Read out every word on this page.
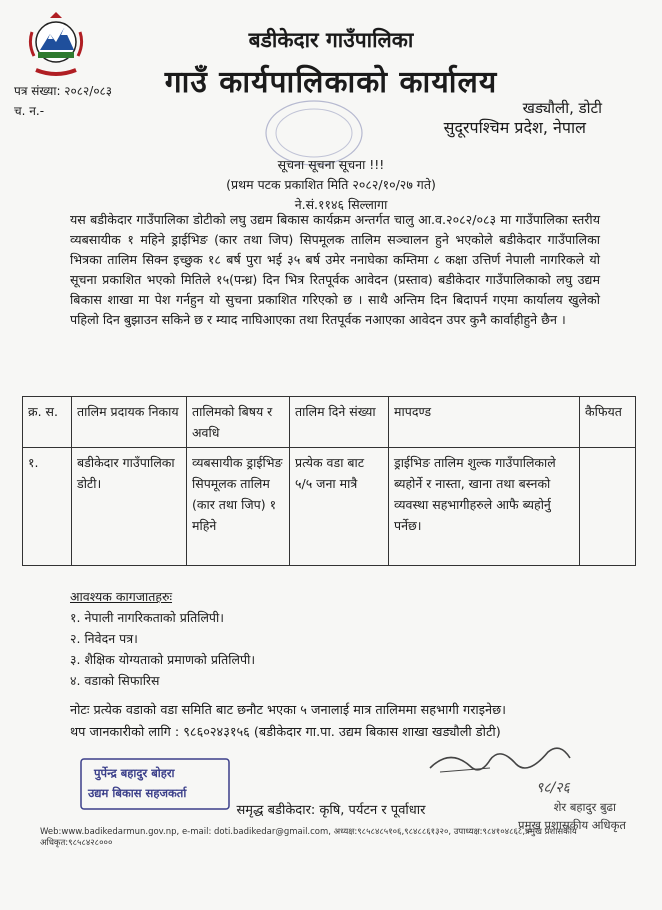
बडीकेदार गाउँपालिका
गाउँ कार्यपालिकाको कार्यालय
पत्र संख्या: २०८२/०८३
च. न.-	खड्यौली, डोटी
सुदूरपश्चिम प्रदेश, नेपाल
सूचना सूचना सूचना !!!
(प्रथम पटक प्रकाशित मिति २०८२/१०/२७ गते)
ने.सं.११४६ सिल्लागा
यस बडीकेदार गाउँपालिका डोटीको लघु उद्यम बिकास कार्यक्रम अन्तर्गत चालु आ.व.२०८२/०८३ मा गाउँपालिका स्तरीय व्यबसायीक १ महिने ड्राईभिङ (कार तथा जिप) सिपमूलक तालिम सञ्चालन हुने भएकोले बडीकेदार गाउँपालिका भित्रका तालिम सिक्न इच्छुक १८ बर्ष पुरा भई ३५ बर्ष उमेर ननाघेका कम्तिमा ८ कक्षा उत्तिर्ण नेपाली नागरिकले यो सूचना प्रकाशित भएको मितिले १५(पन्ध्र) दिन भित्र रितपूर्वक आवेदन (प्रस्ताव) बडीकेदार गाउँपालिकाको लघु उद्यम बिकास शाखा मा पेश गर्नहुन यो सुचना प्रकाशित गरिएको छ । साथै अन्तिम दिन बिदापर्न गएमा कार्यालय खुलेको पहिलो दिन बुझाउन सकिने छ र म्याद नाघिआएका तथा रितपूर्वक नआएका आवेदन उपर कुनै कार्वाहीहुने छैन ।
क्र. स.	तालिम प्रदायक निकाय	तालिमको बिषय र अवधि	तालिम दिने संख्या	मापदण्ड	कैफियत
१.	बडीकेदार गाउँपालिका डोटी।	व्यबसायीक ड्राईभिङ सिपमूलक तालिम (कार तथा जिप) १ महिने	प्रत्येक वडा बाट ५/५ जना मात्रै	ड्राईभिङ तालिम शुल्क गाउँपालिकाले ब्यहोर्ने र नास्ता, खाना तथा बस्नको व्यवस्था सहभागीहरुले आफै ब्यहोर्नु पर्नेछ।	
आवश्यक कागजातहरुः
१. नेपाली नागरिकताको प्रतिलिपी।
२. निवेदन पत्र।
३. शैक्षिक योग्यताको प्रमाणको प्रतिलिपी।
४. वडाको सिफारिस
नोटः प्रत्येक वडाको वडा समिति बाट छनौट भएका ५ जनालाई मात्र तालिममा सहभागी गराइनेछ।
थप जानकारीको लागि : ९८६०२४३१५६ (बडीकेदार गा.पा. उद्यम बिकास शाखा खड्यौली डोटी)
पुर्पेन्द्र बहादुर बोहरा
उद्यम बिकास सहजकर्ता	९८/२६
शेर बहादुर बुढा
प्रमुख प्रशासकीय अधिकृत
समृद्ध बडीकेदार: कृषि, पर्यटन र पूर्वाधार
Web:www.badikedarmun.gov.np, e-mail: doti.badikedar@gmail.com, अध्यक्ष:९८५८४८५१०६,९८४८८६१३२०, उपाध्यक्ष:९८४१०४८६८,प्रमुख प्रशासकीय अधिकृत:९८५८४२८०००
